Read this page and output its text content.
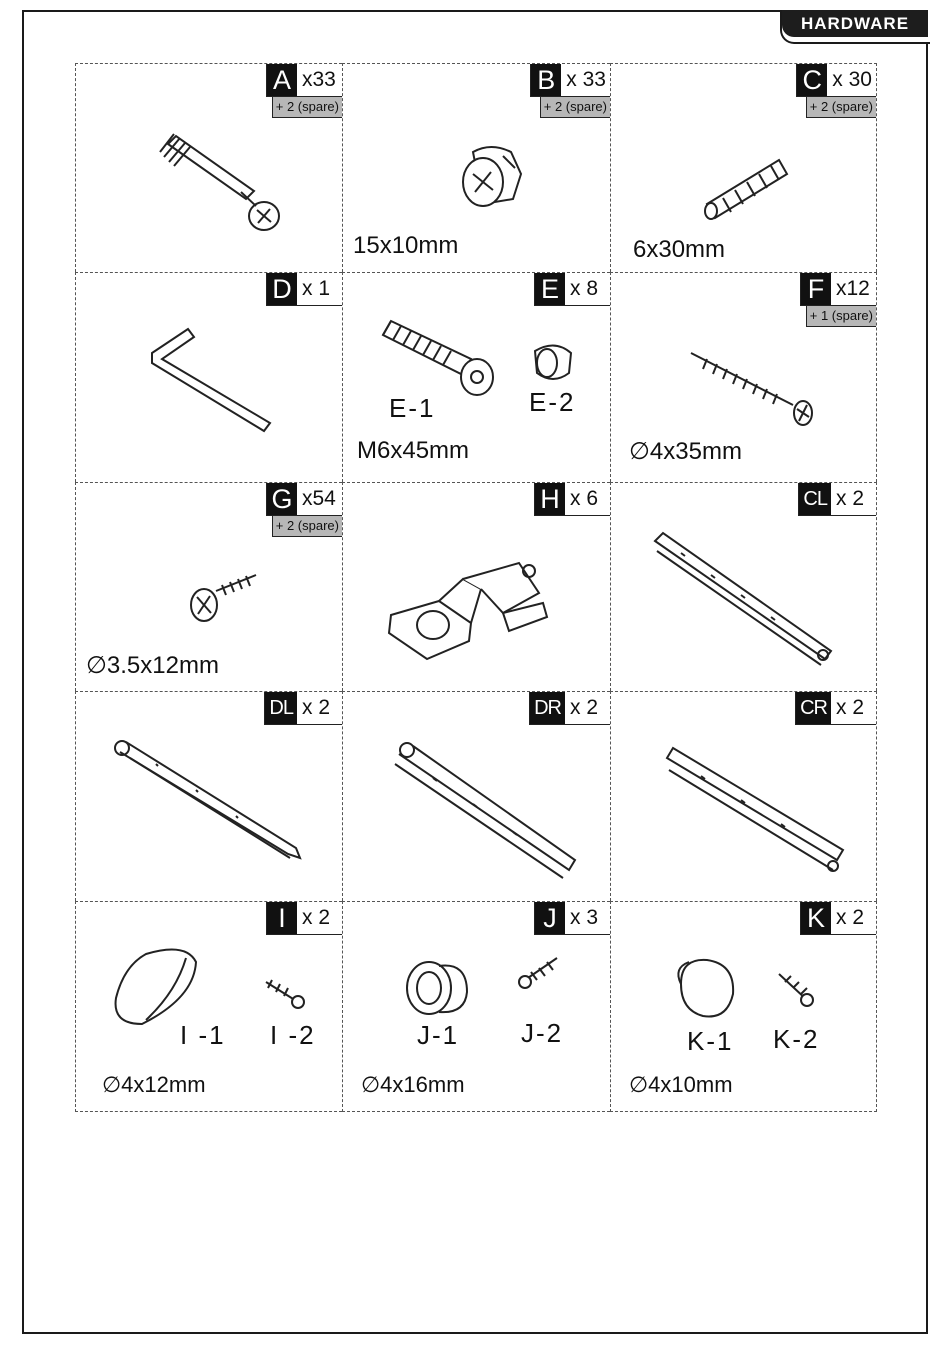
HARDWARE
A x33
+ 2 (spare)
B x 33
+ 2 (spare)
15x10mm
C x 30
+ 2 (spare)
6x30mm
D x 1	E x 8
E-1	E-2
M6x45mm
F x12
+ 1 (spare)
∅4x35mm
G x54
+ 2 (spare)
∅3.5x12mm
H x 6	CL x 2
DL x 2	DR x 2	CR x 2
I x 2
I -1 I -2
∅4x12mm
J x 3
J-1 J-2
∅4x16mm
K x 2
K-1 K-2
∅4x10mm
